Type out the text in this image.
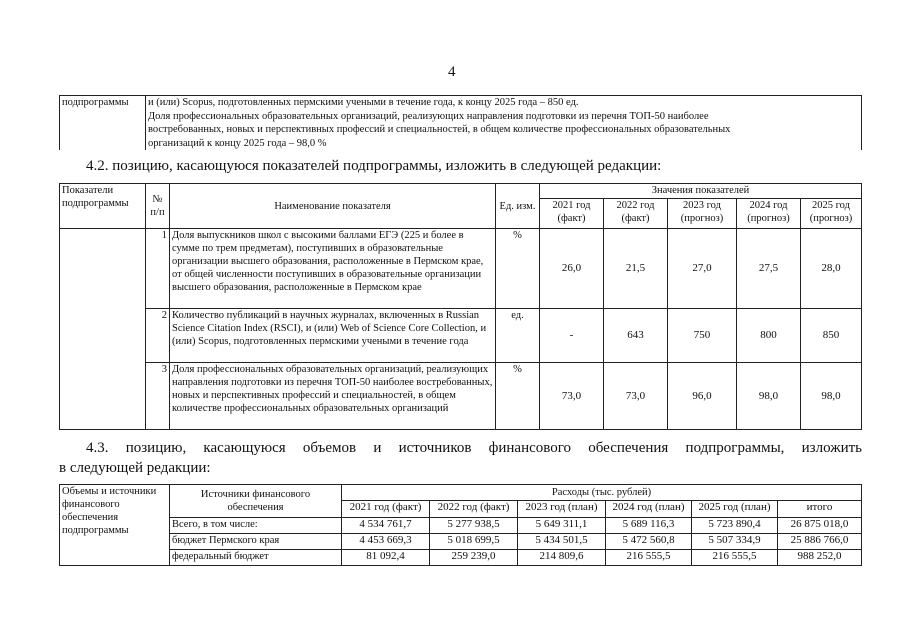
4
подпрограммы	и (или) Scopus, подготовленных пермскими учеными в течение года, к концу 2025 года – 850 ед.
Доля профессиональных образовательных организаций, реализующих направления подготовки из перечня ТОП-50 наиболее
востребованных, новых и перспективных профессий и специальностей, в общем количестве профессиональных образовательных
организаций к концу 2025 года – 98,0 %
4.2. позицию, касающуюся показателей подпрограммы, изложить в следующей редакции:
Показатели подпрограммы	№ п/п	Наименование показателя	Ед. изм.	Значения показателей				
				2021 год (факт)	2022 год (факт)	2023 год (прогноз)	2024 год (прогноз)	2025 год (прогноз)
	1	Доля выпускников школ с высокими баллами ЕГЭ (225 и более в сумме по трем предметам), поступивших в образовательные организации высшего образования, расположенные в Пермском крае, от общей численности поступивших в образовательные организации высшего образования, расположенные в Пермском крае	%	26,0	21,5	27,0	27,5	28,0
	2	Количество публикаций в научных журналах, включенных в Russian Science Citation Index (RSCI), и (или) Web of Science Core Collection, и (или) Scopus, подготовленных пермскими учеными в течение года	ед.	-	643	750	800	850
	3	Доля профессиональных образовательных организаций, реализующих направления подготовки из перечня ТОП-50 наиболее востребованных, новых и перспективных профессий и специальностей, в общем количестве профессиональных образовательных организаций	%	73,0	73,0	96,0	98,0	98,0
4.3. позицию, касающуюся объемов и источников финансового обеспечения подпрограммы, изложить
в следующей редакции:
Объемы и источники финансового обеспечения подпрограммы	Источники финансового обеспечения	Расходы (тыс. рублей)					
		2021 год (факт)	2022 год (факт)	2023 год (план)	2024 год (план)	2025 год (план)	итого
	Всего, в том числе:	4 534 761,7	5 277 938,5	5 649 311,1	5 689 116,3	5 723 890,4	26 875 018,0
	бюджет Пермского края	4 453 669,3	5 018 699,5	5 434 501,5	5 472 560,8	5 507 334,9	25 886 766,0
	федеральный бюджет	81 092,4	259 239,0	214 809,6	216 555,5	216 555,5	988 252,0
